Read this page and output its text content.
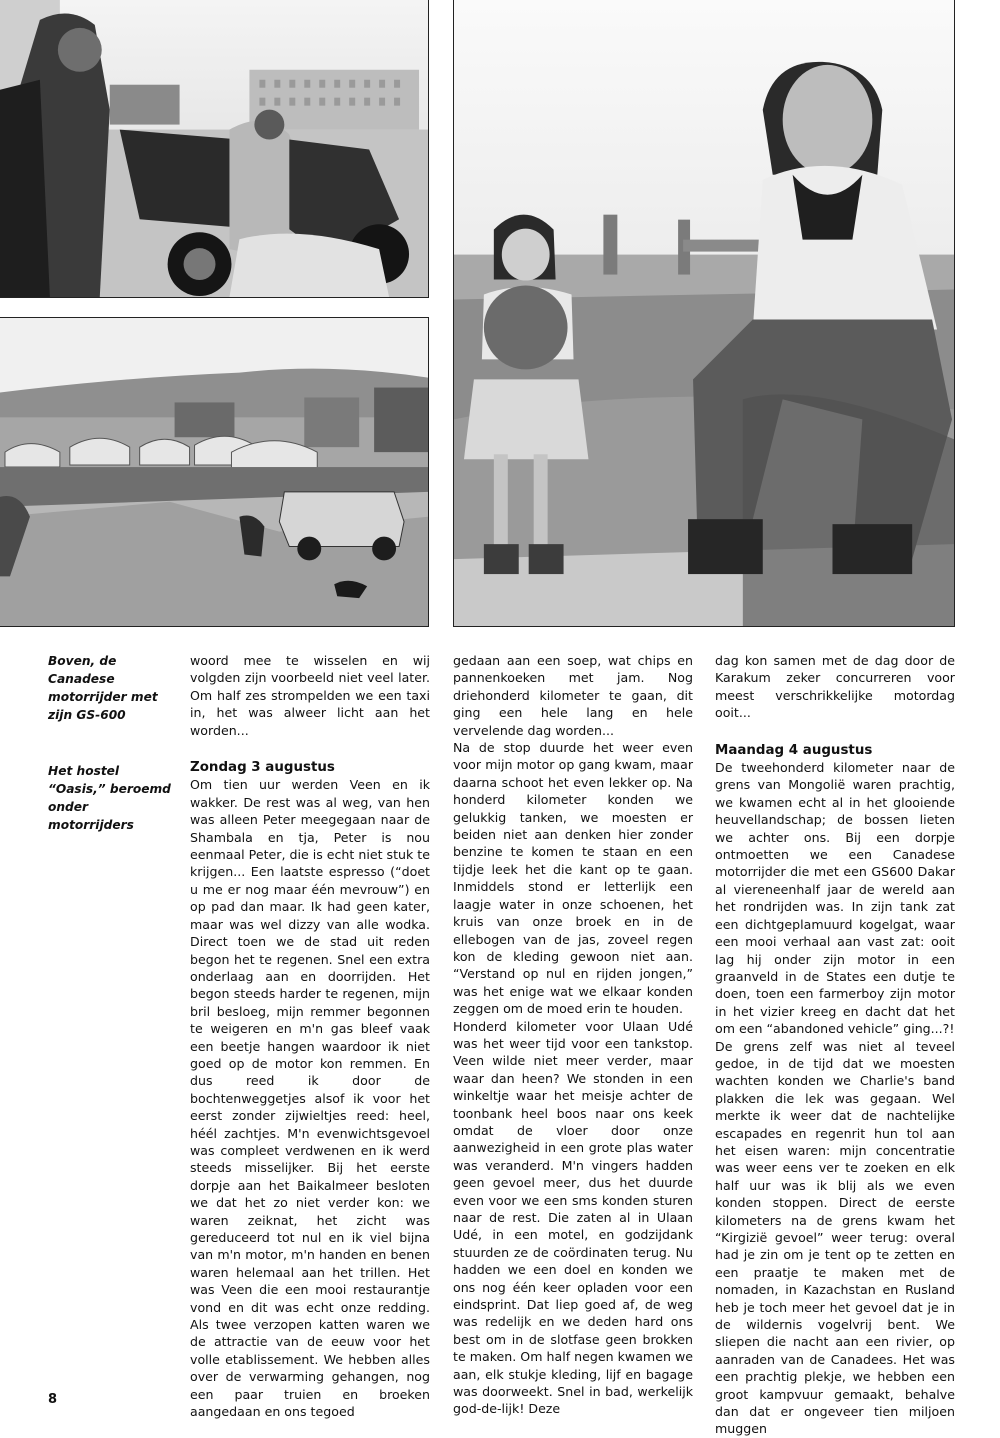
Boven, de Canadese motorrijder met zijn GS-600

Het hostel “Oasis,” beroemd onder motorrijders

woord mee te wisselen en wij volgden zijn voorbeeld niet veel later. Om half zes strompelden we een taxi in, het was alweer licht aan het worden...

Zondag 3 augustus

Om tien uur werden Veen en ik wakker. De rest was al weg, van hen was alleen Peter meegegaan naar de Shambala en tja, Peter is nou eenmaal Peter, die is echt niet stuk te krijgen... Een laatste espresso (“doet u me er nog maar één mevrouw”) en op pad dan maar. Ik had geen kater, maar was wel dizzy van alle wodka. Direct toen we de stad uit reden begon het te regenen. Snel een extra onderlaag aan en doorrijden. Het begon steeds harder te regenen, mijn bril besloeg, mijn remmer begonnen te weigeren en m'n gas bleef vaak een beetje hangen waardoor ik niet goed op de motor kon remmen. En dus reed ik door de bochtenweggetjes alsof ik voor het eerst zonder zijwieltjes reed: heel, héél zachtjes. M'n evenwichtsgevoel was compleet verdwenen en ik werd steeds misselijker. Bij het eerste dorpje aan het Baikalmeer besloten we dat het zo niet verder kon: we waren zeiknat, het zicht was gereduceerd tot nul en ik viel bijna van m'n motor, m'n handen en benen waren helemaal aan het trillen. Het was Veen die een mooi restaurantje vond en dit was echt onze redding. Als twee verzopen katten waren we de attractie van de eeuw voor het volle etablissement. We hebben alles over de verwarming gehangen, nog een paar truien en broeken aangedaan en ons tegoed

gedaan aan een soep, wat chips en pannenkoeken met jam. Nog driehonderd kilometer te gaan, dit ging een hele lang en hele vervelende dag worden...

Na de stop duurde het weer even voor mijn motor op gang kwam, maar daarna schoot het even lekker op. Na honderd kilometer konden we gelukkig tanken, we moesten er beiden niet aan denken hier zonder benzine te komen te staan en een tijdje leek het die kant op te gaan. Inmiddels stond er letterlijk een laagje water in onze schoenen, het kruis van onze broek en in de ellebogen van de jas, zoveel regen kon de kleding gewoon niet aan. “Verstand op nul en rijden jongen,” was het enige wat we elkaar konden zeggen om de moed erin te houden.

Honderd kilometer voor Ulaan Udé was het weer tijd voor een tankstop. Veen wilde niet meer verder, maar waar dan heen? We stonden in een winkeltje waar het meisje achter de toonbank heel boos naar ons keek omdat de vloer door onze aanwezigheid in een grote plas water was veranderd. M'n vingers hadden geen gevoel meer, dus het duurde even voor we een sms konden sturen naar de rest. Die zaten al in Ulaan Udé, in een motel, en godzijdank stuurden ze de coördinaten terug. Nu hadden we een doel en konden we ons nog één keer opladen voor een eindsprint. Dat liep goed af, de weg was redelijk en we deden hard ons best om in de slotfase geen brokken te maken. Om half negen kwamen we aan, elk stukje kleding, lijf en bagage was doorweekt. Snel in bad, werkelijk god-de-lijk! Deze

dag kon samen met de dag door de Karakum zeker concurreren voor meest verschrikkelijke motordag ooit...

Maandag 4 augustus

De tweehonderd kilometer naar de grens van Mongolië waren prachtig, we kwamen echt al in het glooiende heuvellandschap; de bossen lieten we achter ons. Bij een dorpje ontmoetten we een Canadese motorrijder die met een GS600 Dakar al viereneenhalf jaar de wereld aan het rondrijden was. In zijn tank zat een dichtgeplamuurd kogelgat, waar een mooi verhaal aan vast zat: ooit lag hij onder zijn motor in een graanveld in de States een dutje te doen, toen een farmerboy zijn motor in het vizier kreeg en dacht dat het om een “abandoned vehicle” ging...?!

De grens zelf was niet al teveel gedoe, in de tijd dat we moesten wachten konden we Charlie's band plakken die lek was gegaan. Wel merkte ik weer dat de nachtelijke escapades en regenrit hun tol aan het eisen waren: mijn concentratie was weer eens ver te zoeken en elk half uur was ik blij als we even konden stoppen. Direct de eerste kilometers na de grens kwam het “Kirgizië gevoel” weer terug: overal had je zin om je tent op te zetten en een praatje te maken met de nomaden, in Kazachstan en Rusland heb je toch meer het gevoel dat je in de wildernis vogelvrij bent. We sliepen die nacht aan een rivier, op aanraden van de Canadees. Het was een prachtig plekje, we hebben een groot kampvuur gemaakt, behalve dan dat er ongeveer tien miljoen muggen

8
